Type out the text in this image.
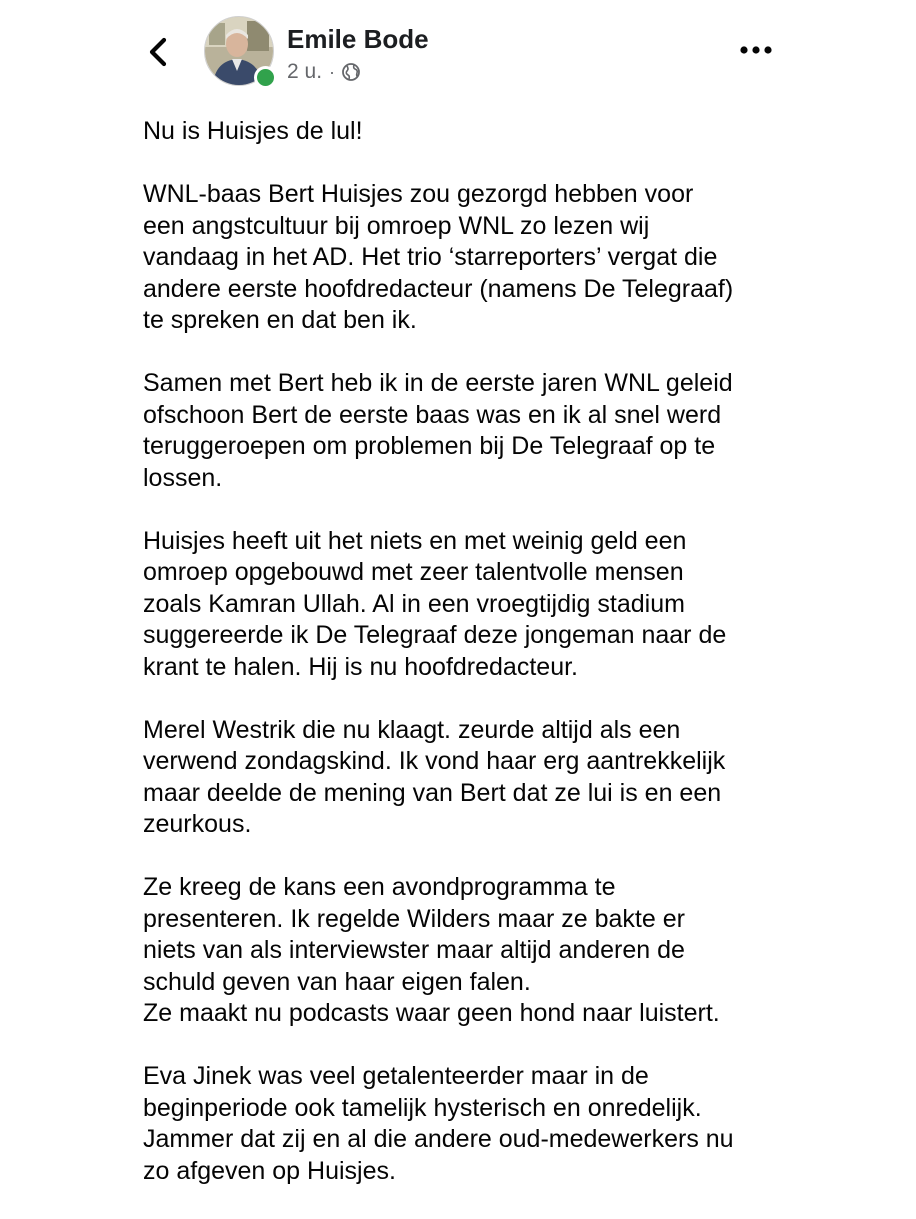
Emile Bode
2 u. ·

Nu is Huisjes de lul!

WNL-baas Bert Huisjes zou gezorgd hebben voor
een angstcultuur bij omroep WNL zo lezen wij
vandaag in het AD. Het trio ‘starreporters’ vergat die
andere eerste hoofdredacteur (namens De Telegraaf)
te spreken en dat ben ik.

Samen met Bert heb ik in de eerste jaren WNL geleid
ofschoon Bert de eerste baas was en ik al snel werd
teruggeroepen om problemen bij De Telegraaf op te
lossen.

Huisjes heeft uit het niets en met weinig geld een
omroep opgebouwd met zeer talentvolle mensen
zoals Kamran Ullah. Al in een vroegtijdig stadium
suggereerde ik De Telegraaf deze jongeman naar de
krant te halen. Hij is nu hoofdredacteur.

Merel Westrik die nu klaagt. zeurde altijd als een
verwend zondagskind. Ik vond haar erg aantrekkelijk
maar deelde de mening van Bert dat ze lui is en een
zeurkous.

Ze kreeg de kans een avondprogramma te
presenteren. Ik regelde Wilders maar ze bakte er
niets van als interviewster maar altijd anderen de
schuld geven van haar eigen falen.
Ze maakt nu podcasts waar geen hond naar luistert.

Eva Jinek was veel getalenteerder maar in de
beginperiode ook tamelijk hysterisch en onredelijk.
Jammer dat zij en al die andere oud-medewerkers nu
zo afgeven op Huisjes.
